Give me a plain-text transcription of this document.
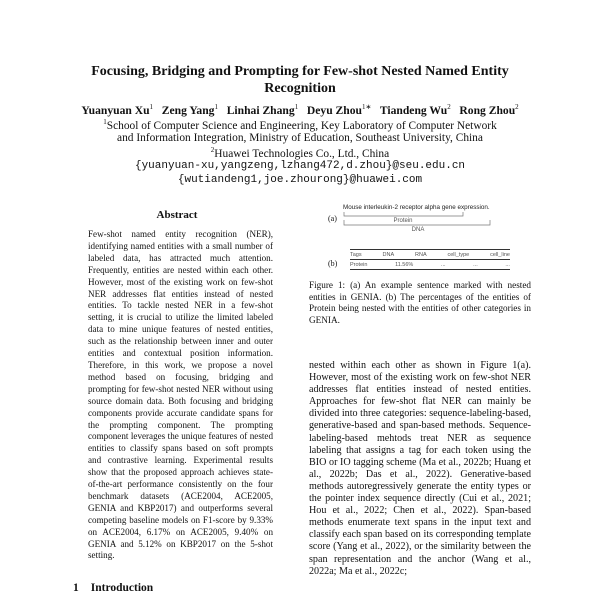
Focusing, Bridging and Prompting for Few-shot Nested Named Entity
Recognition
Yuanyuan Xu$^1$ Zeng Yang$^1$ Linhai Zhang$^1$ Deyu Zhou$^{1∗}$ Tiandeng Wu$^2$ Rong Zhou$^2$
$^1$School of Computer Science and Engineering, Key Laboratory of Computer Network
and Information Integration, Ministry of Education, Southeast University, China
$^2$Huawei Technologies Co., Ltd., China
{yuanyuan-xu,yangzeng,lzhang472,d.zhou}@seu.edu.cn
{wutiandeng1,joe.zhourong}@huawei.com
Abstract
Few-shot named entity recognition (NER), identifying named entities with a small number of labeled data, has attracted much attention. Frequently, entities are nested within each other. However, most of the existing work on few-shot NER addresses flat entities instead of nested entities. To tackle nested NER in a few-shot setting, it is crucial to utilize the limited labeled data to mine unique features of nested entities, such as the relationship between inner and outer entities and contextual position information. Therefore, in this work, we propose a novel method based on focusing, bridging and prompting for few-shot nested NER without using source domain data. Both focusing and bridging components provide accurate candidate spans for the prompting component. The prompting component leverages the unique features of nested entities to classify spans based on soft prompts and contrastive learning. Experimental results show that the proposed approach achieves state-of-the-art performance consistently on the four benchmark datasets (ACE2004, ACE2005, GENIA and KBP2017) and outperforms several competing baseline models on F1-score by 9.33% on ACE2004, 6.17% on ACE2005, 9.40% on GENIA and 5.12% on KBP2017 on the 5-shot setting.
(a)
Mouse interleukin-2 receptor alpha gene expression.
Protein
DNA
(b)
Tags	DNA	RNA	cell_type	cell_line
Protein	11.56%	...	...	...
Figure 1: (a) An example sentence marked with nested entities in GENIA. (b) The percentages of the entities of Protein being nested with the entities of other categories in GENIA.
nested within each other as shown in Figure 1(a). However, most of the existing work on few-shot NER addresses flat entities instead of nested entities. Approaches for few-shot flat NER can mainly be divided into three categories: sequence-labeling-based, generative-based and span-based methods. Sequence-labeling-based mehtods treat NER as sequence labeling that assigns a tag for each token using the BIO or IO tagging scheme (Ma et al., 2022b; Huang et al., 2022b; Das et al., 2022). Generative-based methods autoregressively generate the entity types or the pointer index sequence directly (Cui et al., 2021; Hou et al., 2022; Chen et al., 2022). Span-based methods enumerate text spans in the input text and classify each span based on its corresponding template score (Yang et al., 2022), or the similarity between the span representation and the anchor (Wang et al., 2022a; Ma et al., 2022c;
1 Introduction
